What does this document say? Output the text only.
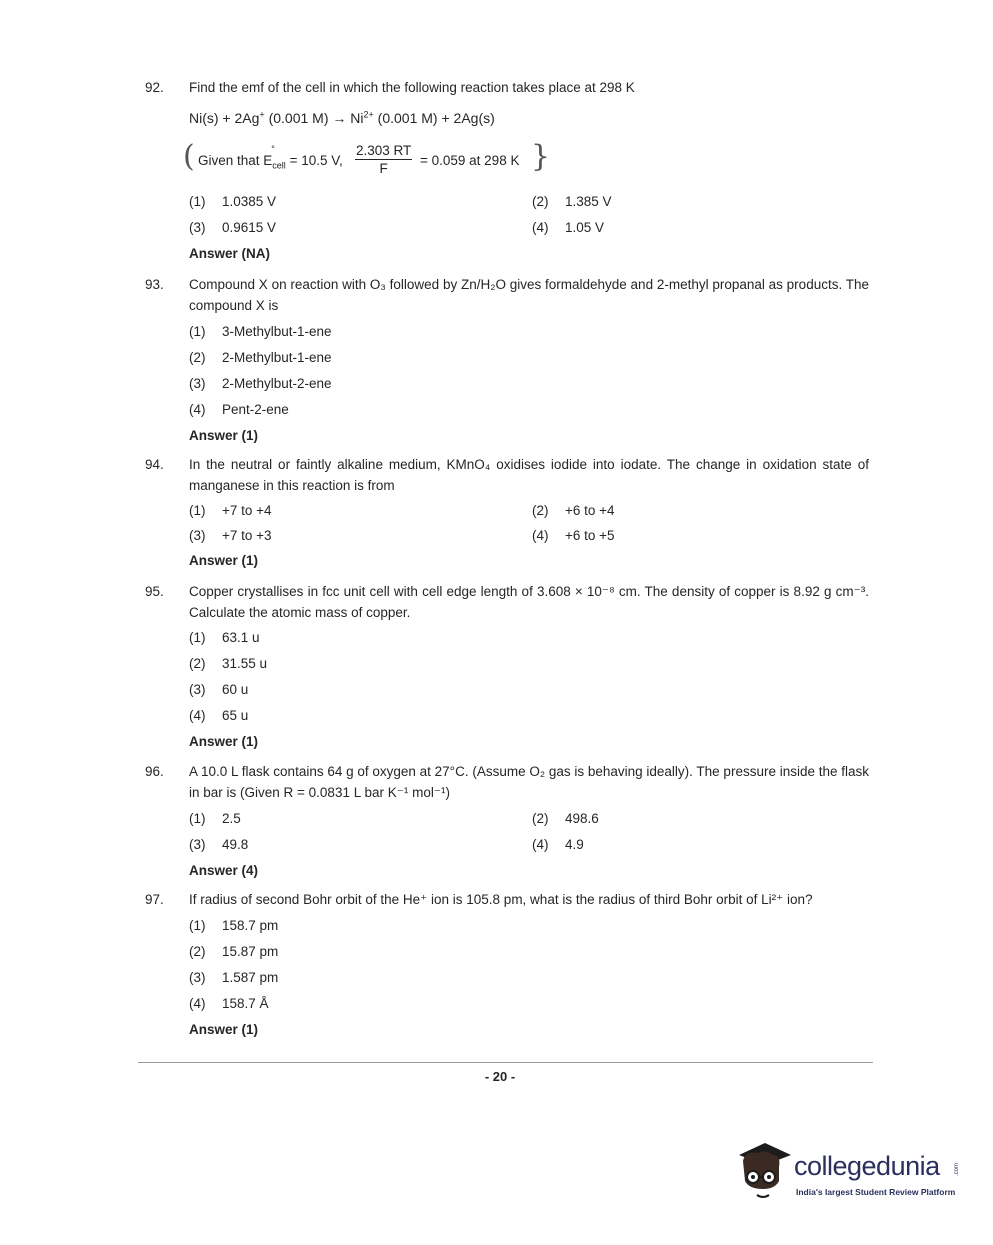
92. Find the emf of the cell in which the following reaction takes place at 298 K
Ni(s) + 2Ag+ (0.001 $M) \to Ni^{2+}$ (0.001 M) + 2Ag(s)
( Given that E
°
$_{cell}$ = 10.5 V, $\frac{2.303 RT}{F} = 0.059$ at 298 K }
(1) 1.0385 V	(2) 1.385 V
(3) 0.9615 V	(4) 1.05 V
Answer (NA)
93. Compound X on reaction with O₃ followed by Zn/H₂O gives formaldehyde and 2-methyl propanal as products. The compound X is
(1) 3-Methylbut-1-ene
(2) 2-Methylbut-1-ene
(3) 2-Methylbut-2-ene
(4) Pent-2-ene
Answer (1)
94. In the neutral or faintly alkaline medium, KMnO₄ oxidises iodide into iodate. The change in oxidation state of manganese in this reaction is from
(1) +7 to +4	(2) +6 to +4
(3) +7 to +3	(4) +6 to +5
Answer (1)
95. Copper crystallises in fcc unit cell with cell edge length of 3.608 × 10⁻⁸ cm. The density of copper is 8.92 g cm⁻³. Calculate the atomic mass of copper.
(1) 63.1 u
(2) 31.55 u
(3) 60 u
(4) 65 u
Answer (1)
96. A 10.0 L flask contains 64 g of oxygen at 27°C. (Assume O₂ gas is behaving ideally). The pressure inside the flask in bar is (Given R = 0.0831 L bar K⁻¹ mol⁻¹)
(1) 2.5	(2) 498.6
(3) 49.8	(4) 4.9
Answer (4)
97. If radius of second Bohr orbit of the He⁺ ion is 105.8 pm, what is the radius of third Bohr orbit of Li²⁺ ion?
(1) 158.7 pm
(2) 15.87 pm
(3) 1.587 pm
(4) 158.7 Å
Answer (1)
- 20 -
collegedunia .com
India's largest Student Review Platform
